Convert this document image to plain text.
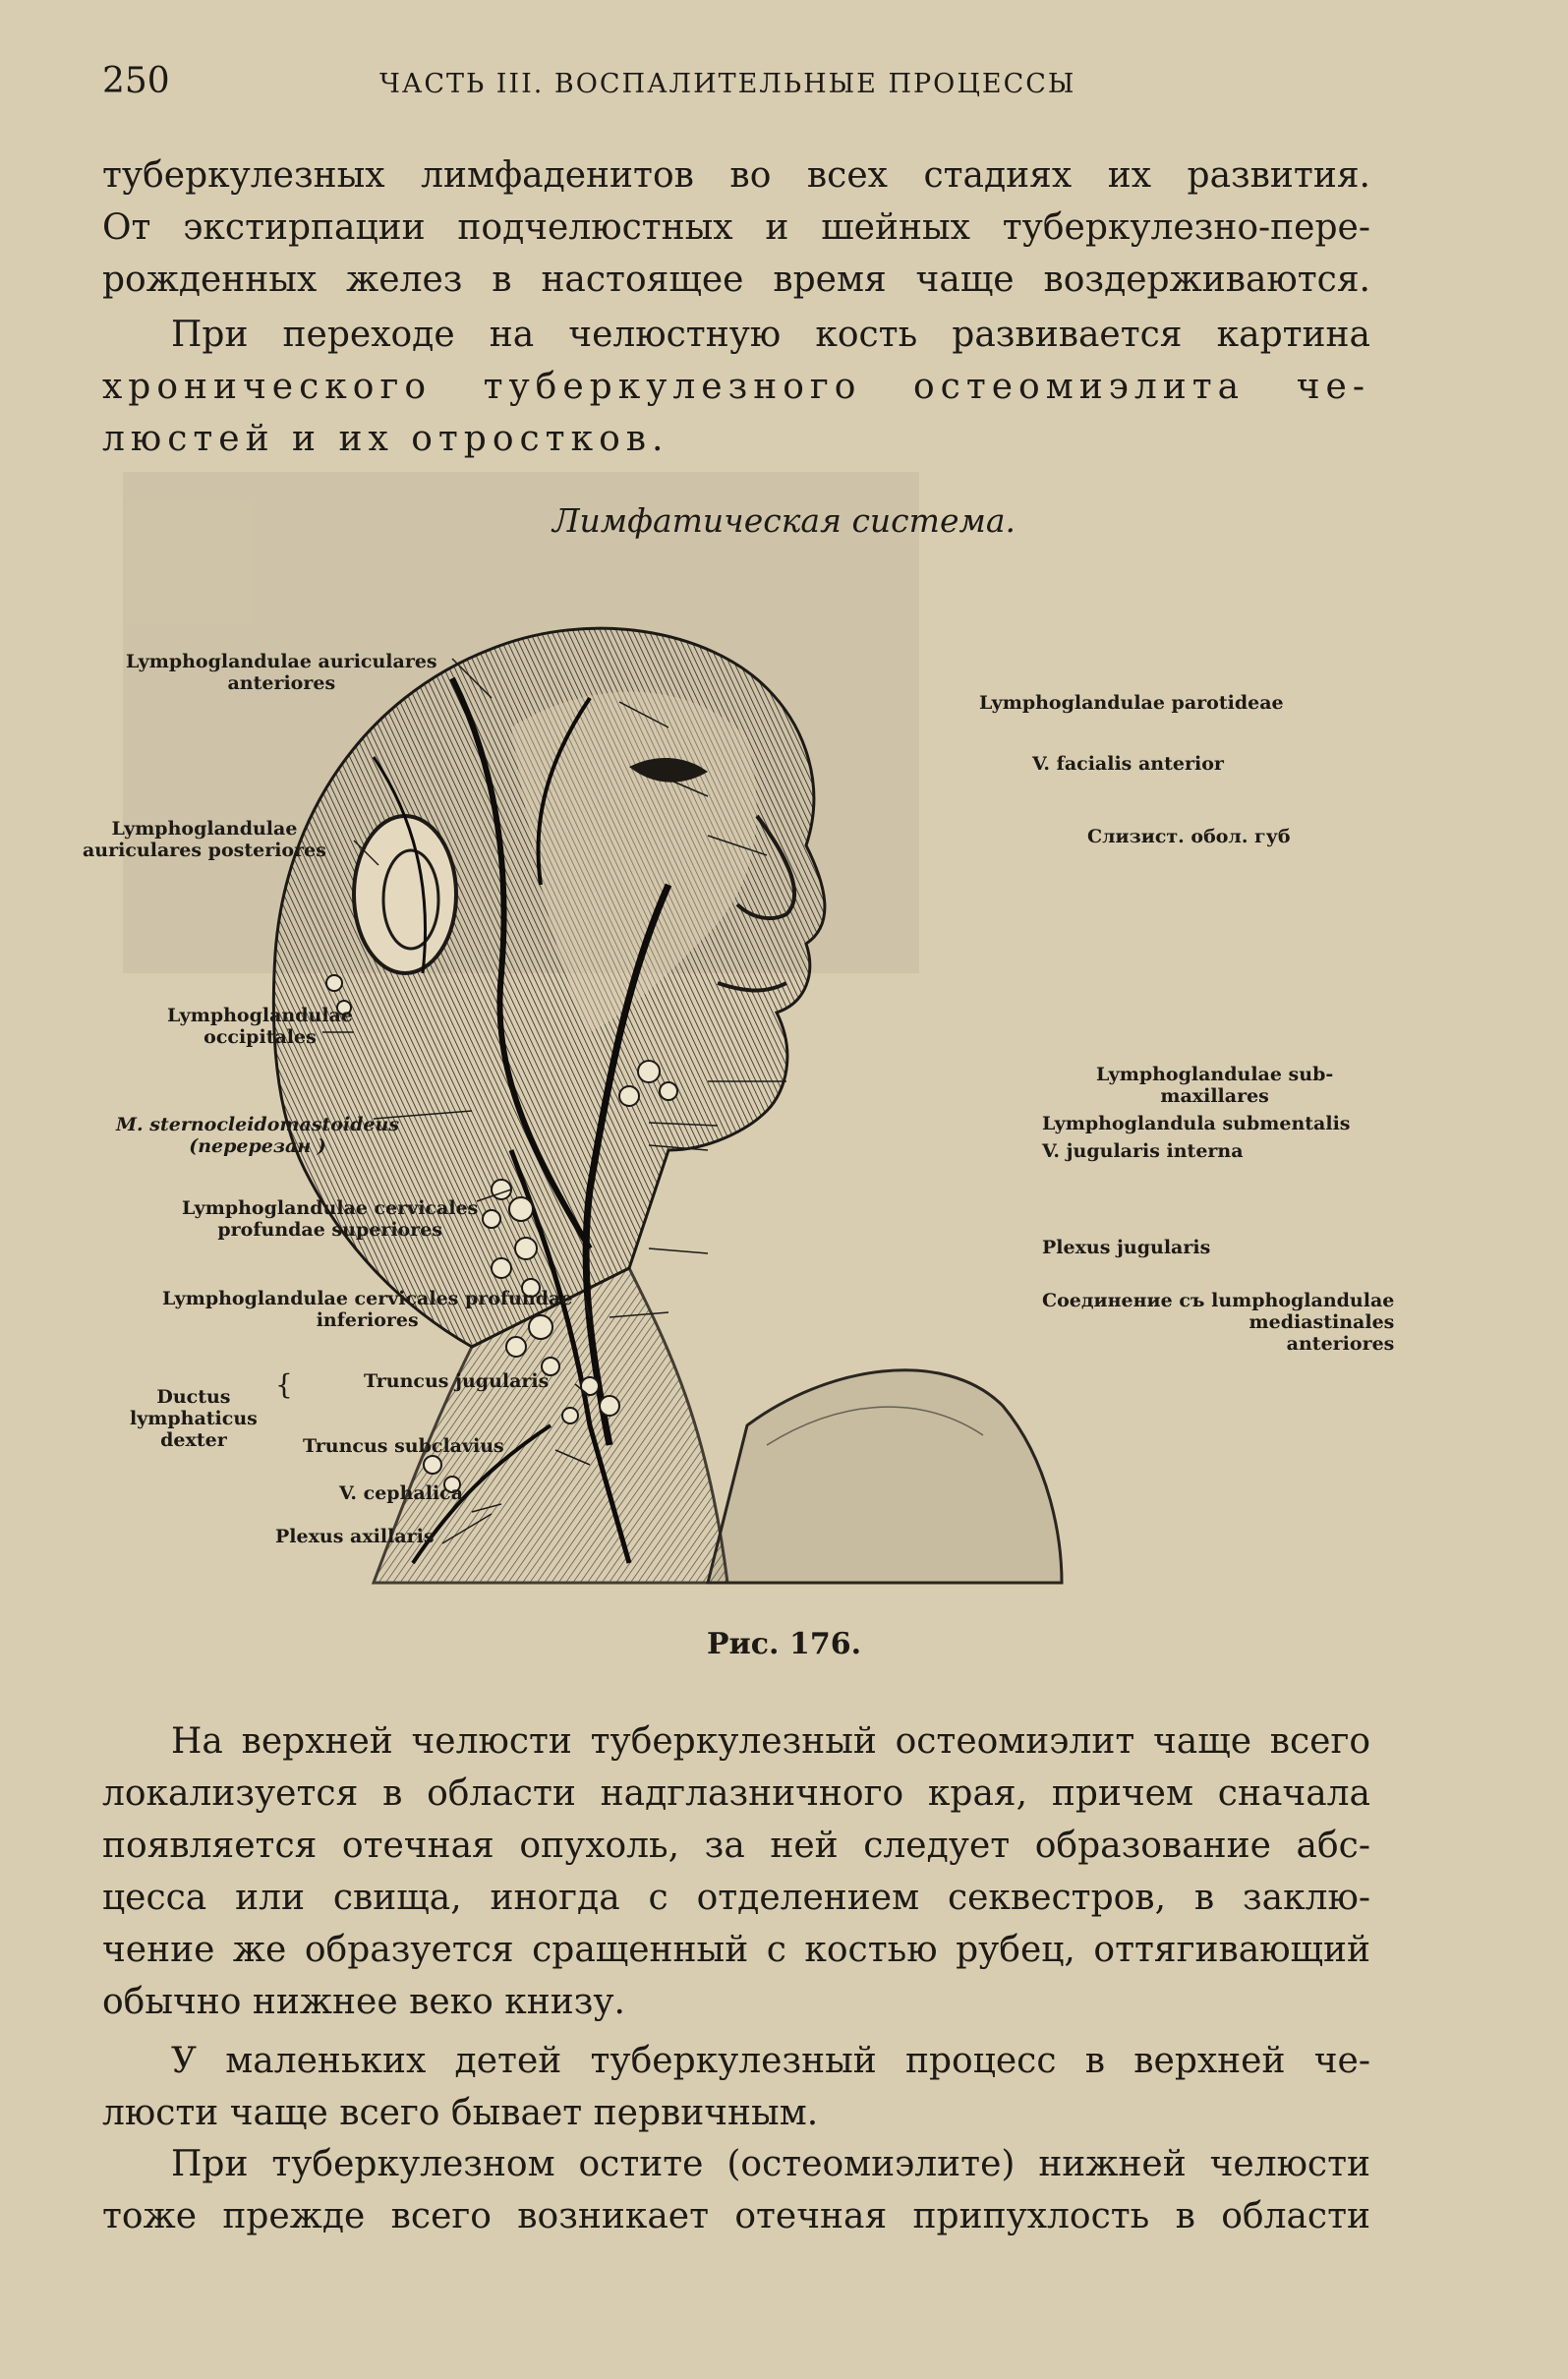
250	ЧАСТЬ III. ВОСПАЛИТЕЛЬНЫЕ ПРОЦЕССЫ
туберкулезных лимфаденитов во всех стадиях их развития.
От экстирпации подчелюстных и шейных туберкулезно-пере-
рожденных желез в настоящее время чаще воздерживаются.
При переходе на челюстную кость развивается картина
хронического туберкулезного остеомиэлита че-
люстей и их отростков.
Лимфатическая система.
Lymphoglandulae auriculares
anteriores
Lymphoglandulae
auriculares posteriores
Lymphoglandulae
occipitales
M. sternocleidomastoideus
(перерезан )
Lymphoglandulae cervicales
profundae superiores
Lymphoglandulae cervicales profundae
inferiores
Ductus
lymphaticus
dexter
{	Truncus jugularis
Truncus subclavius
V. cephalica
Plexus axillaris
Lymphoglandulae parotideae
V. facialis anterior
Слизист. обол. губ
Lymphoglandulae sub-
maxillares
Lymphoglandula submentalis
V. jugularis interna
Plexus jugularis
Соединение съ lumphoglandulae
mediastinales
anteriores
Рис. 176.
На верхней челюсти туберкулезный остеомиэлит чаще всего
локализуется в области надглазничного края, причем сначала
появляется отечная опухоль, за ней следует образование абс-
цесса или свища, иногда с отделением секвестров, в заклю-
чение же образуется сращенный с костью рубец, оттягивающий
обычно нижнее веко книзу.
У маленьких детей туберкулезный процесс в верхней че-
люсти чаще всего бывает первичным.
При туберкулезном остите (остеомиэлите) нижней челюсти
тоже прежде всего возникает отечная припухлость в области
